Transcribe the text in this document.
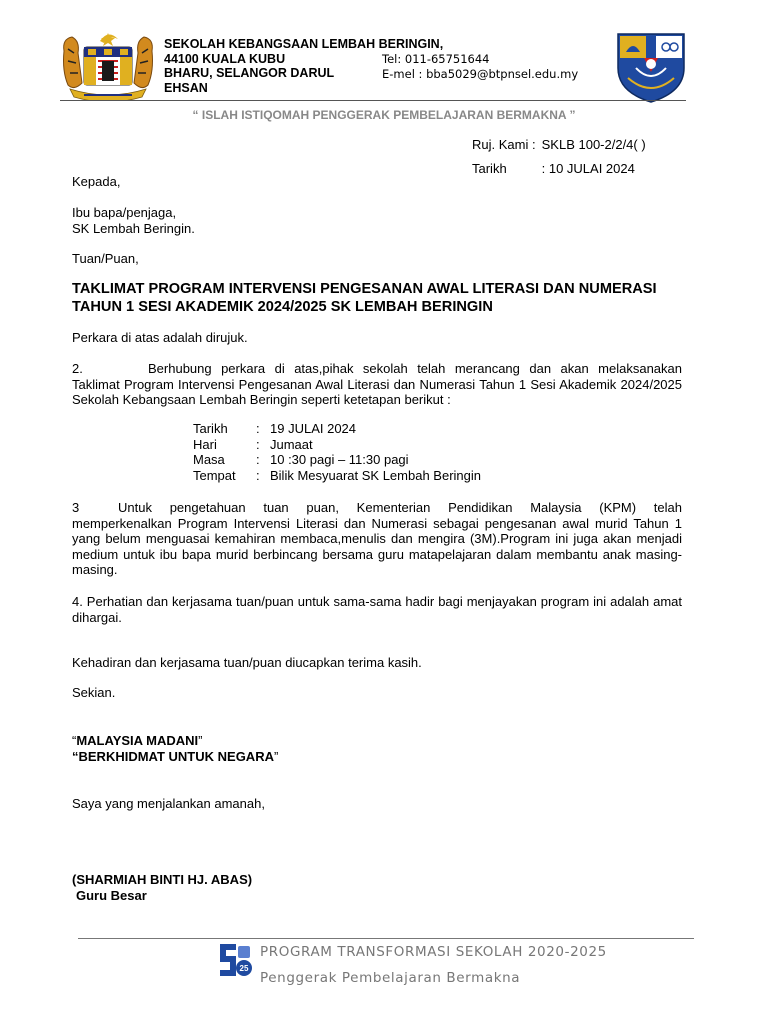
SEKOLAH KEBANGSAAN LEMBAH BERINGIN,
44100 KUALA KUBU
BHARU, SELANGOR DARUL
EHSAN
Tel: 011-65751644
E-mel : bba5029@btpnsel.edu.my
“ ISLAH ISTIQOMAH PENGGERAK PEMBELAJARAN BERMAKNA ”
Ruj. Kami : SKLB 100-2/2/4( )
Tarikh	: 10 JULAI 2024
Kepada,
Ibu bapa/penjaga,
SK Lembah Beringin.
Tuan/Puan,
TAKLIMAT PROGRAM INTERVENSI PENGESANAN AWAL LITERASI DAN NUMERASI TAHUN 1 SESI AKADEMIK 2024/2025 SK LEMBAH BERINGIN
Perkara di atas adalah dirujuk.
2.	Berhubung perkara di atas,pihak sekolah telah merancang dan akan melaksanakan
Taklimat Program Intervensi Pengesanan Awal Literasi dan Numerasi Tahun 1 Sesi Akademik 2024/2025 Sekolah Kebangsaan Lembah Beringin seperti ketetapan berikut :
Tarikh : 19 JULAI 2024
Hari	: Jumaat
Masa : 10 :30 pagi – 11:30 pagi
Tempat : Bilik Mesyuarat SK Lembah Beringin
3	Untuk pengetahuan tuan puan, Kementerian Pendidikan Malaysia (KPM) telah
memperkenalkan Program Intervensi Literasi dan Numerasi sebagai pengesanan awal murid Tahun 1 yang belum menguasai kemahiran membaca,menulis dan mengira (3M).Program ini juga akan menjadi medium untuk ibu bapa murid berbincang bersama guru matapelajaran dalam membantu anak masing-masing.
4. Perhatian dan kerjasama tuan/puan untuk sama-sama hadir bagi menjayakan program ini adalah amat dihargai.
Kehadiran dan kerjasama tuan/puan diucapkan terima kasih.
Sekian.
“MALAYSIA MADANI”
“BERKHIDMAT UNTUK NEGARA”
Saya yang menjalankan amanah,
(SHARMIAH BINTI HJ. ABAS)
Guru Besar
25
PROGRAM TRANSFORMASI SEKOLAH 2020-2025
Penggerak Pembelajaran Bermakna
